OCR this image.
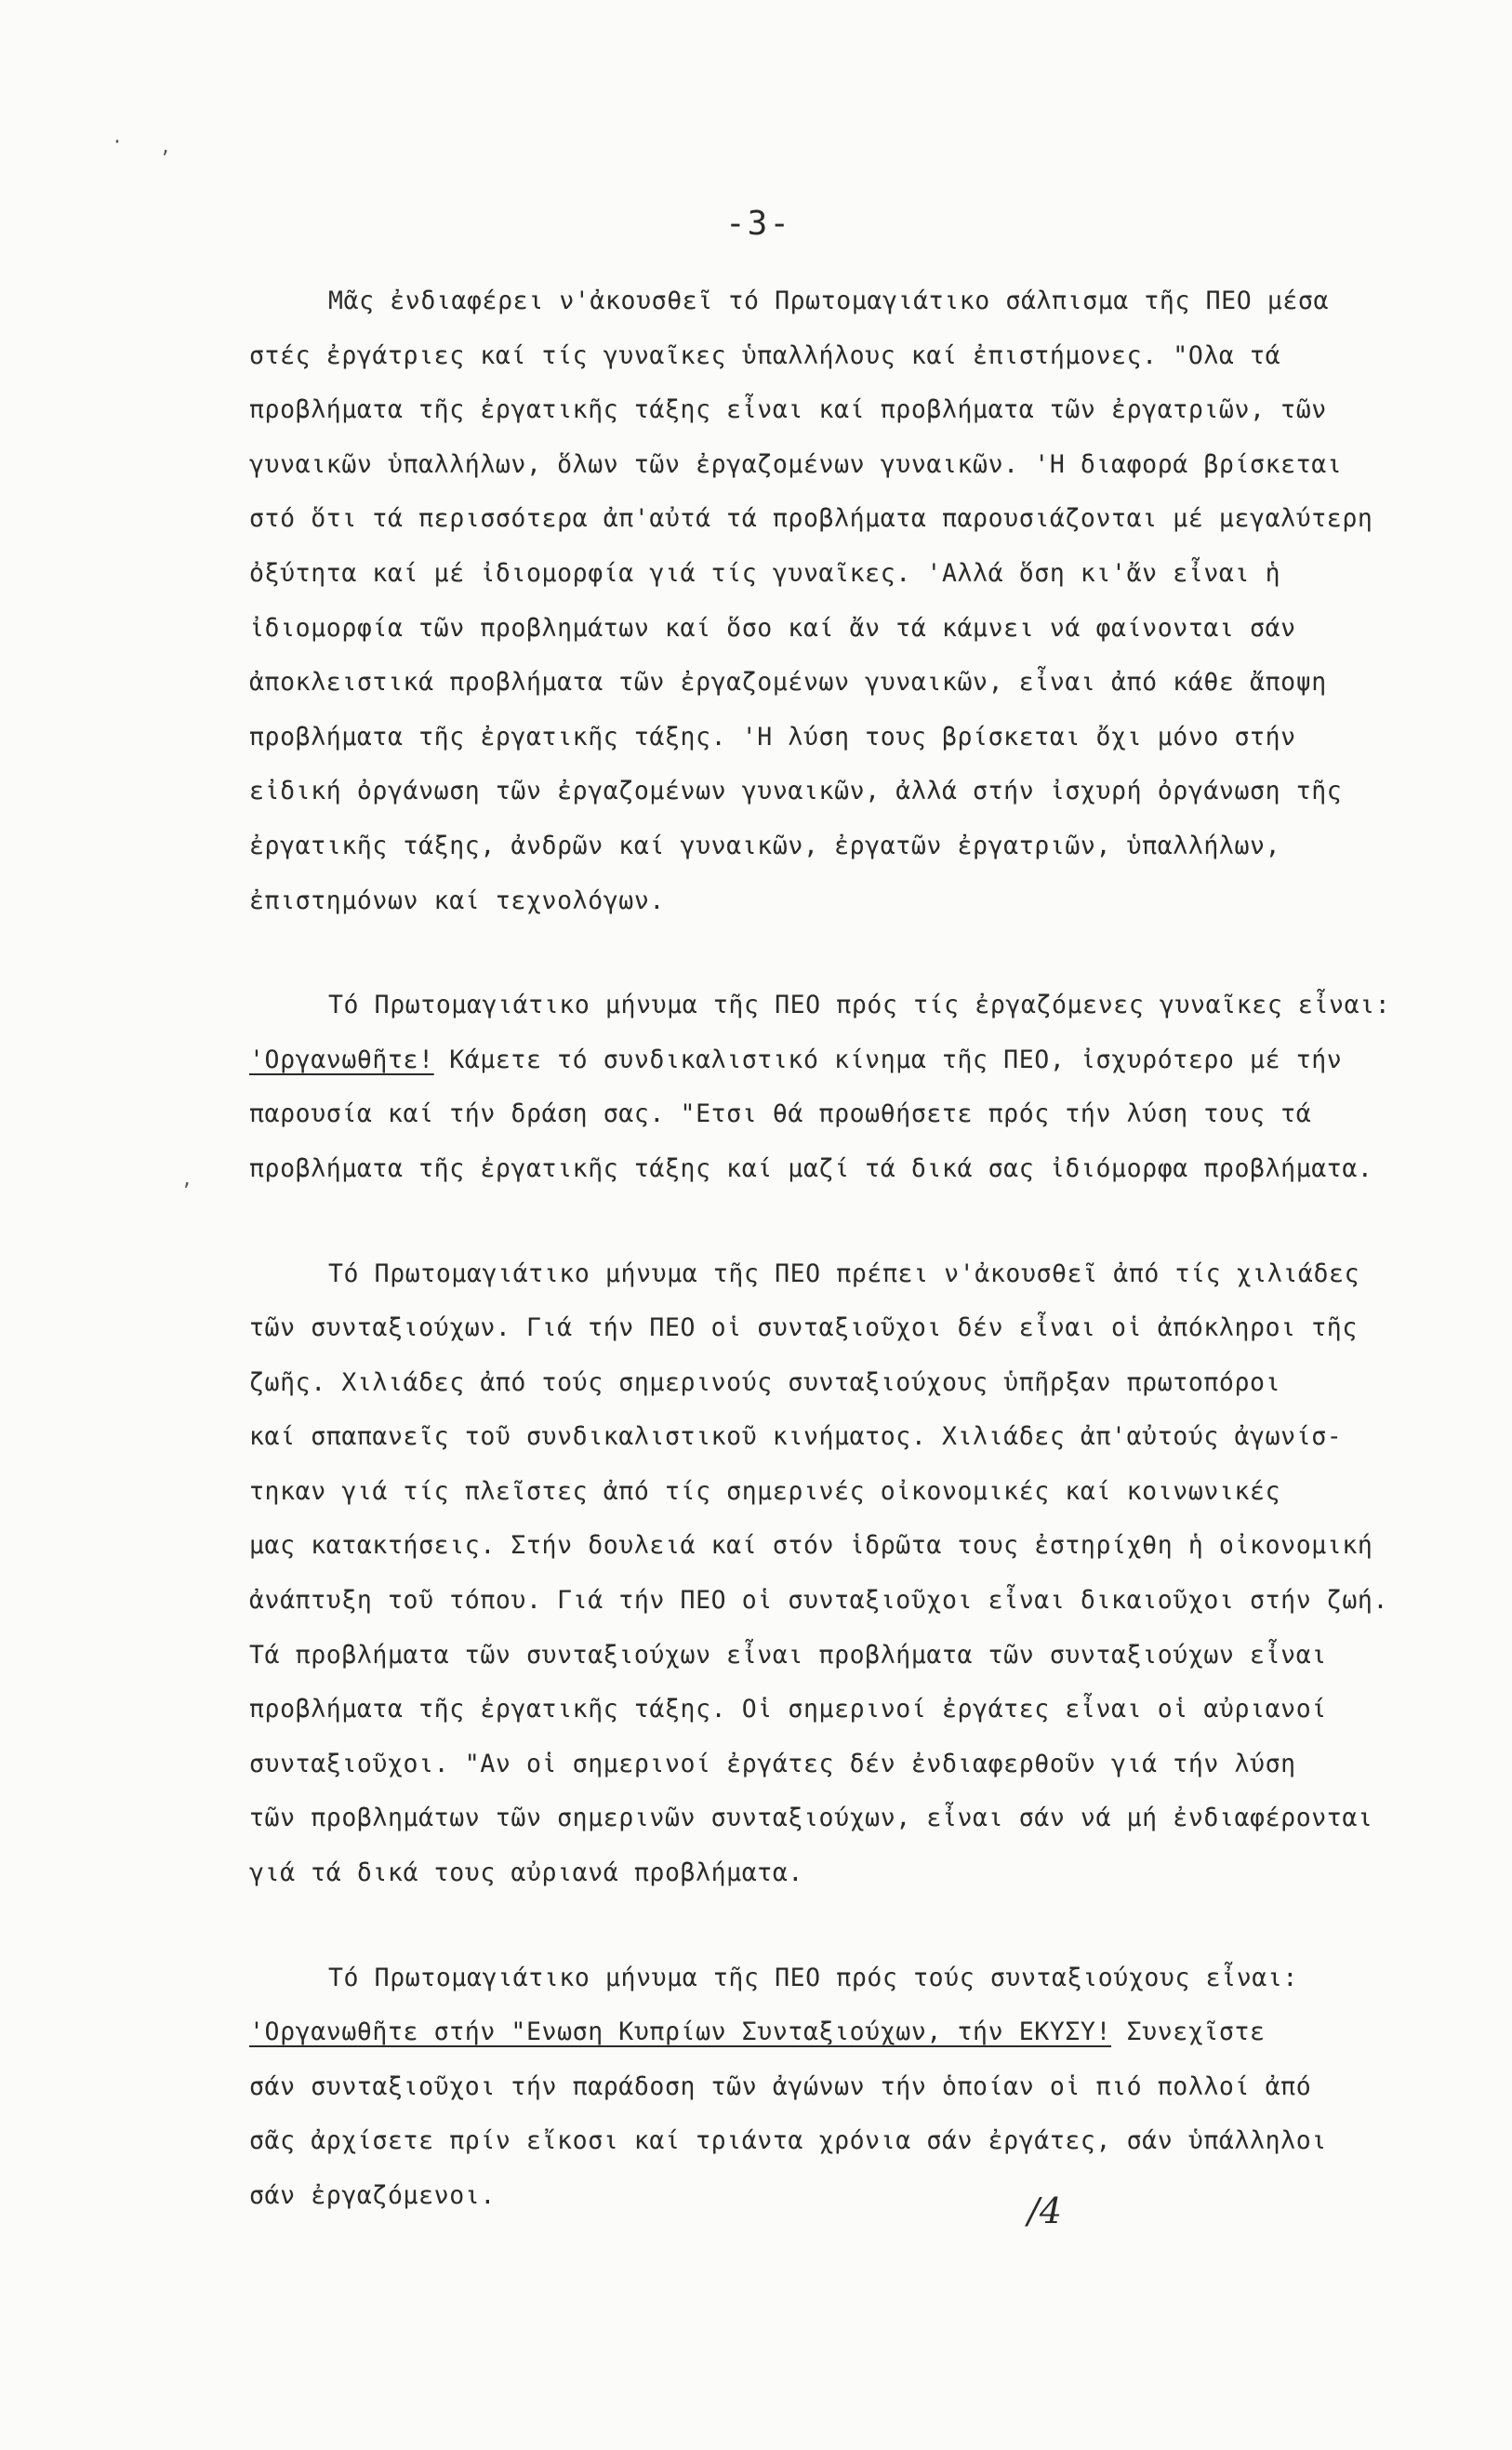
· ,
,
-3-
Μᾶς ἐνδιαφέρει ν'ἀκουσθεῖ τό Πρωτομαγιάτικο σάλπισμα τῆς ΠΕΟ μέσα
στές ἐργάτριες καί τίς γυναῖκες ὑπαλλήλους καί ἐπιστήμονες. "Ολα τά
προβλήματα τῆς ἐργατικῆς τάξης εἶναι καί προβλήματα τῶν ἐργατριῶν, τῶν
γυναικῶν ὑπαλλήλων, ὅλων τῶν ἐργαζομένων γυναικῶν. 'Η διαφορά βρίσκεται
στό ὅτι τά περισσότερα ἀπ'αὐτά τά προβλήματα παρουσιάζονται μέ μεγαλύτερη
ὀξύτητα καί μέ ἰδιομορφία γιά τίς γυναῖκες. 'Αλλά ὅση κι'ἄν εἶναι ἡ
ἰδιομορφία τῶν προβλημάτων καί ὅσο καί ἄν τά κάμνει νά φαίνονται σάν
ἀποκλειστικά προβλήματα τῶν ἐργαζομένων γυναικῶν, εἶναι ἀπό κάθε ἄποψη
προβλήματα τῆς ἐργατικῆς τάξης. 'Η λύση τους βρίσκεται ὄχι μόνο στήν
εἰδική ὀργάνωση τῶν ἐργαζομένων γυναικῶν, ἀλλά στήν ἰσχυρή ὀργάνωση τῆς
ἐργατικῆς τάξης, ἀνδρῶν καί γυναικῶν, ἐργατῶν ἐργατριῶν, ὑπαλλήλων,
ἐπιστημόνων καί τεχνολόγων.
Τό Πρωτομαγιάτικο μήνυμα τῆς ΠΕΟ πρός τίς ἐργαζόμενες γυναῖκες εἶναι:
'Οργανωθῆτε! Κάμετε τό συνδικαλιστικό κίνημα τῆς ΠΕΟ, ἰσχυρότερο μέ τήν
παρουσία καί τήν δράση σας. "Ετσι θά προωθήσετε πρός τήν λύση τους τά
προβλήματα τῆς ἐργατικῆς τάξης καί μαζί τά δικά σας ἰδιόμορφα προβλήματα.
Τό Πρωτομαγιάτικο μήνυμα τῆς ΠΕΟ πρέπει ν'ἀκουσθεῖ ἀπό τίς χιλιάδες
τῶν συνταξιούχων. Γιά τήν ΠΕΟ οἱ συνταξιοῦχοι δέν εἶναι οἱ ἀπόκληροι τῆς
ζωῆς. Χιλιάδες ἀπό τούς σημερινούς συνταξιούχους ὑπῆρξαν πρωτοπόροι
καί σπαπανεῖς τοῦ συνδικαλιστικοῦ κινήματος. Χιλιάδες ἀπ'αὐτούς ἀγωνίσ-
τηκαν γιά τίς πλεῖστες ἀπό τίς σημερινές οἰκονομικές καί κοινωνικές
μας κατακτήσεις. Στήν δουλειά καί στόν ἱδρῶτα τους ἐστηρίχθη ἡ οἰκονομική
ἀνάπτυξη τοῦ τόπου. Γιά τήν ΠΕΟ οἱ συνταξιοῦχοι εἶναι δικαιοῦχοι στήν ζωή.
Τά προβλήματα τῶν συνταξιούχων εἶναι προβλήματα τῶν συνταξιούχων εἶναι
προβλήματα τῆς ἐργατικῆς τάξης. Οἱ σημερινοί ἐργάτες εἶναι οἱ αὐριανοί
συνταξιοῦχοι. "Αν οἱ σημερινοί ἐργάτες δέν ἐνδιαφερθοῦν γιά τήν λύση
τῶν προβλημάτων τῶν σημερινῶν συνταξιούχων, εἶναι σάν νά μή ἐνδιαφέρονται
γιά τά δικά τους αὐριανά προβλήματα.
Τό Πρωτομαγιάτικο μήνυμα τῆς ΠΕΟ πρός τούς συνταξιούχους εἶναι:
'Οργανωθῆτε στήν "Ενωση Κυπρίων Συνταξιούχων, τήν ΕΚΥΣΥ! Συνεχῖστε
σάν συνταξιοῦχοι τήν παράδοση τῶν ἀγώνων τήν ὁποίαν οἱ πιό πολλοί ἀπό
σᾶς ἀρχίσετε πρίν εἴκοσι καί τριάντα χρόνια σάν ἐργάτες, σάν ὑπάλληλοι
σάν ἐργαζόμενοι.	/4
